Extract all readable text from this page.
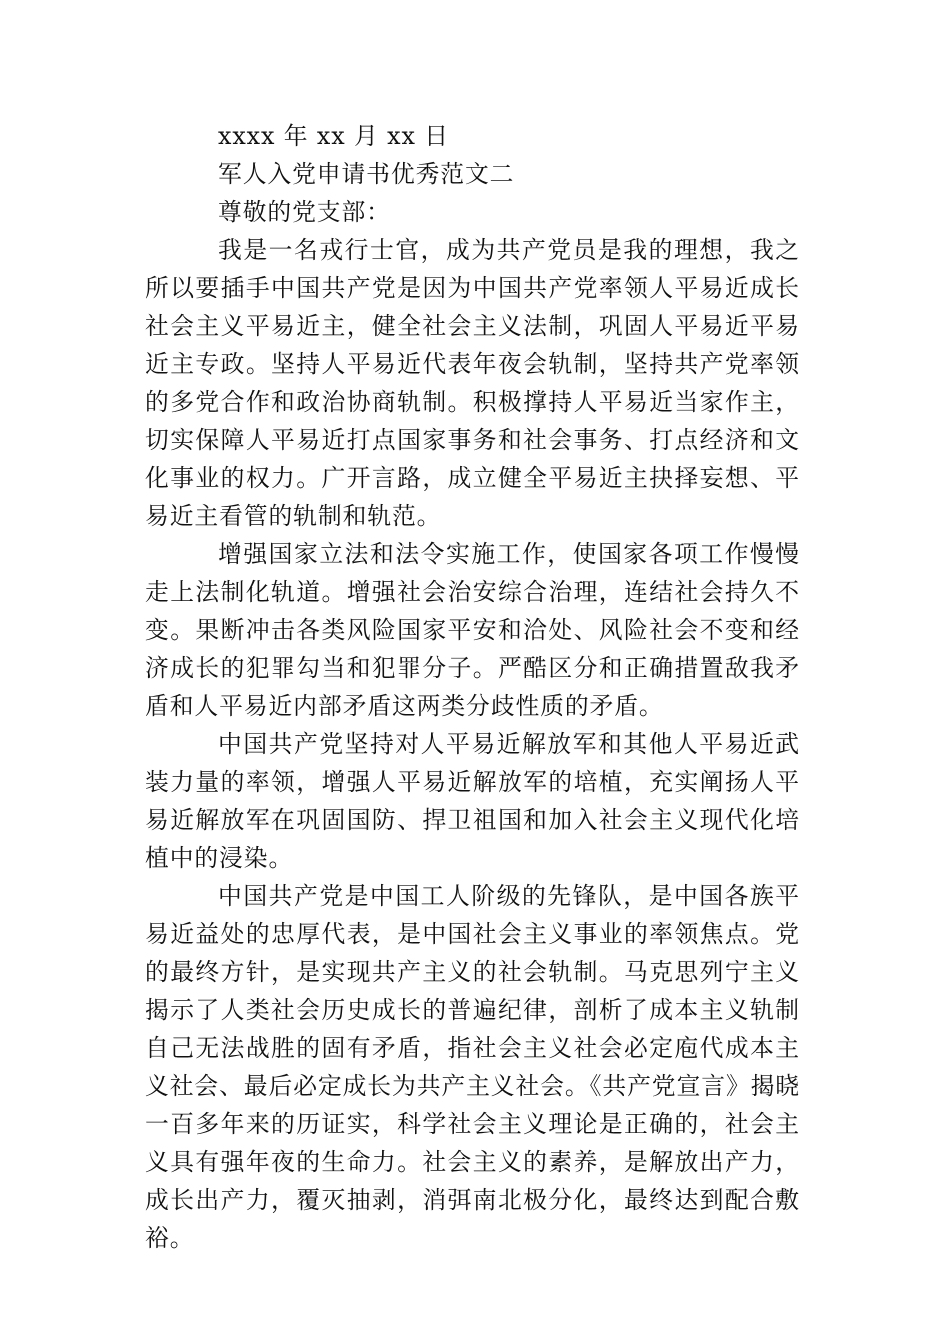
xxxx 年 xx 月 xx 日

军人入党申请书优秀范文二

尊敬的党支部：

我是一名戎行士官，成为共产党员是我的理想，我之所以要插手中国共产党是因为中国共产党率领人平易近成长社会主义平易近主，健全社会主义法制，巩固人平易近平易近主专政。坚持人平易近代表年夜会轨制，坚持共产党率领的多党合作和政治协商轨制。积极撑持人平易近当家作主，切实保障人平易近打点国家事务和社会事务、打点经济和文化事业的权力。广开言路，成立健全平易近主抉择妄想、平易近主看管的轨制和轨范。

增强国家立法和法令实施工作，使国家各项工作慢慢走上法制化轨道。增强社会治安综合治理，连结社会持久不变。果断冲击各类风险国家平安和洽处、风险社会不变和经济成长的犯罪勾当和犯罪分子。严酷区分和正确措置敌我矛盾和人平易近内部矛盾这两类分歧性质的矛盾。

中国共产党坚持对人平易近解放军和其他人平易近武装力量的率领，增强人平易近解放军的培植，充实阐扬人平易近解放军在巩固国防、捍卫祖国和加入社会主义现代化培植中的浸染。

中国共产党是中国工人阶级的先锋队，是中国各族平易近益处的忠厚代表，是中国社会主义事业的率领焦点。党的最终方针，是实现共产主义的社会轨制。马克思列宁主义揭示了人类社会历史成长的普遍纪律，剖析了成本主义轨制自己无法战胜的固有矛盾，指社会主义社会必定庖代成本主义社会、最后必定成长为共产主义社会。《共产党宣言》揭晓一百多年来的历证实，科学社会主义理论是正确的，社会主义具有强年夜的生命力。社会主义的素养，是解放出产力，成长出产力，覆灭抽剥，消弭南北极分化，最终达到配合敷裕。
